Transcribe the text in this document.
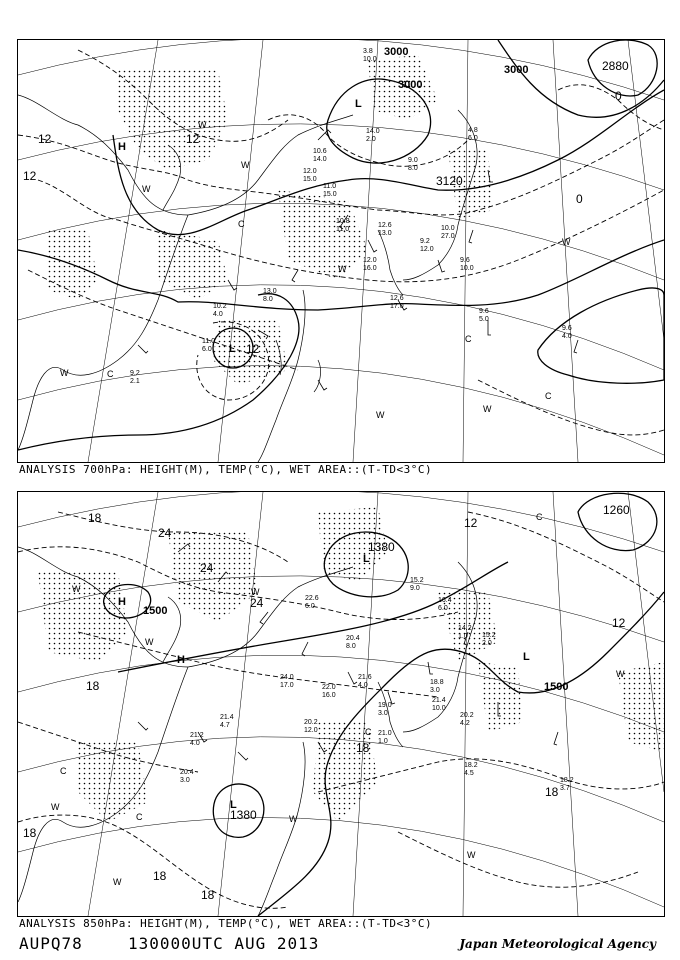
3000
3000
3000	2880
3120
12
12
12
12
0
0
H
L
L
W
W
W
W
W
W
W
W
C
C
C
C
3.8
10.0
14.0
2.0
10.6
14.0
12.0
15.0
11.0
15.0
10.8
11.0
12.6
13.0
9.2
12.0
10.0
27.0
9.6
10.0
12.0
16.0
13.0
8.0
10.2
4.0
11.0
6.0
9.6
5.0
9.6
4.0
4.8
6.0
9.0
8.0
12.6
17.0
9.2
2.1
ANALYSIS 700hPa: HEIGHT(M), TEMP(°C), WET AREA::(T-TD<3°C)
1500
1500
1380
1380
1260
24
24
24
18
18
18
18
18
18
18
12
12
H
H
L
L
L
W
W
W
W
W
W
W
W
C
C
C
C
22.6
6.0
20.4
8.0
15.2
9.0
16.4
6.0
18.8
3.0
20.2
4.2
21.4
10.0
20.2
12.0
22.0
16.0
24.0
17.0
21.6
4.0
19.0
3.0
21.4
4.7
21.2
4.0
20.4
3.0
18.2
4.5
18.2
3.7
14.2
1.0 15.2
2.0
21.0
1.0
ANALYSIS 850hPa: HEIGHT(M), TEMP(°C), WET AREA::(T-TD<3°C)
AUPQ78	130000UTC AUG 2013	Japan Meteorological Agency
